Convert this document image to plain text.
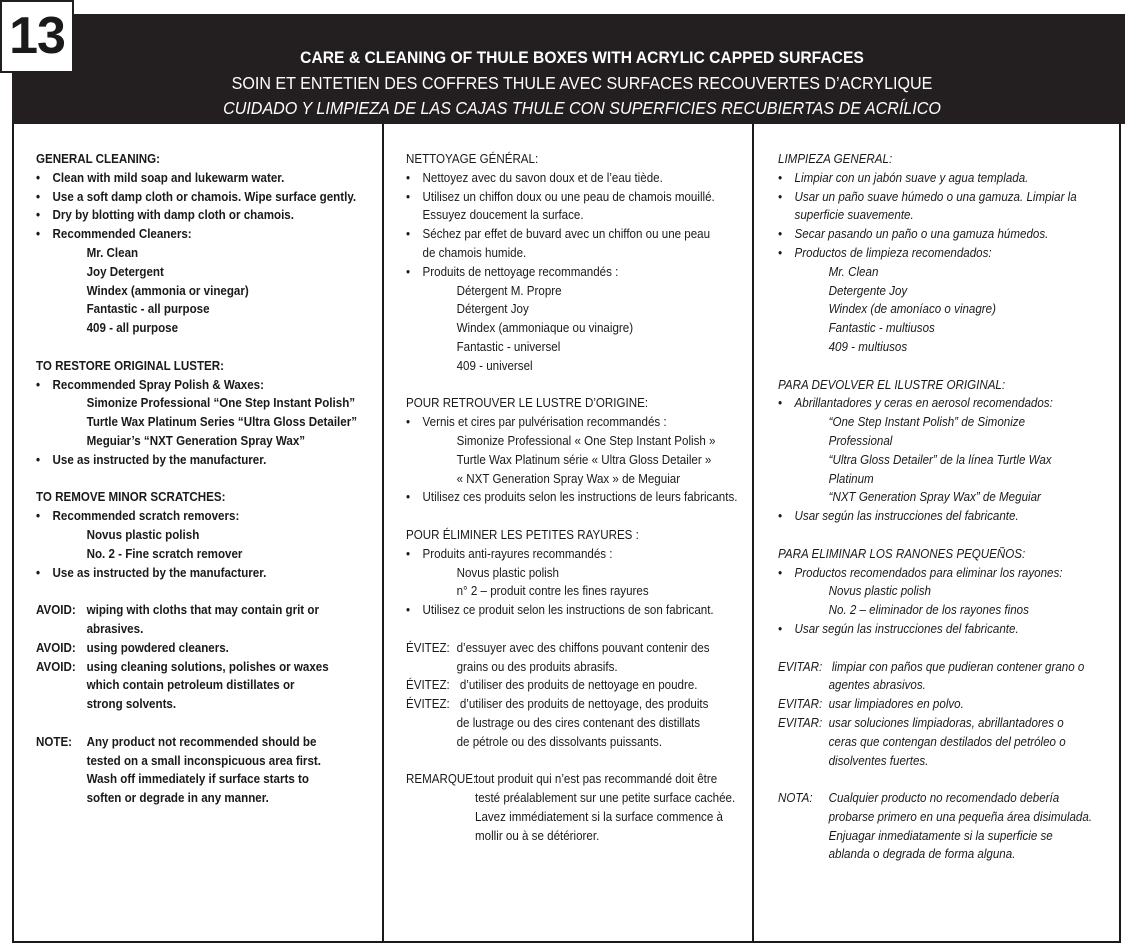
CARE & CLEANING OF THULE BOXES WITH ACRYLIC CAPPED SURFACES
SOIN ET ENTETIEN DES COFFRES THULE AVEC SURFACES RECOUVERTES D’ACRYLIQUE
CUIDADO Y LIMPIEZA DE LAS CAJAS THULE CON SUPERFICIES RECUBIERTAS DE ACRÍLICO
13
GENERAL CLEANING:
• Clean with mild soap and lukewarm water.
• Use a soft damp cloth or chamois. Wipe surface gently.
• Dry by blotting with damp cloth or chamois.
• Recommended Cleaners:
Mr. Clean
Joy Detergent
Windex (ammonia or vinegar)
Fantastic - all purpose
409 - all purpose
TO RESTORE ORIGINAL LUSTER:
• Recommended Spray Polish & Waxes:
Simonize Professional “One Step Instant Polish”
Turtle Wax Platinum Series “Ultra Gloss Detailer”
Meguiar’s “NXT Generation Spray Wax”
• Use as instructed by the manufacturer.
TO REMOVE MINOR SCRATCHES:
• Recommended scratch removers:
Novus plastic polish
No. 2 - Fine scratch remover
• Use as instructed by the manufacturer.
AVOID: wiping with cloths that may contain grit or
abrasives.
AVOID: using powdered cleaners.
AVOID: using cleaning solutions, polishes or waxes
which contain petroleum distillates or
strong solvents.
NOTE: Any product not recommended should be
tested on a small inconspicuous area first.
Wash off immediately if surface starts to
soften or degrade in any manner.
NETTOYAGE GÉNÉRAL:
• Nettoyez avec du savon doux et de l’eau tiède.
• Utilisez un chiffon doux ou une peau de chamois mouillé.
Essuyez doucement la surface.
• Séchez par effet de buvard avec un chiffon ou une peau
de chamois humide.
• Produits de nettoyage recommandés :
Détergent M. Propre
Détergent Joy
Windex (ammoniaque ou vinaigre)
Fantastic - universel
409 - universel
POUR RETROUVER LE LUSTRE D’ORIGINE:
• Vernis et cires par pulvérisation recommandés :
Simonize Professional « One Step Instant Polish »
Turtle Wax Platinum série « Ultra Gloss Detailer »
« NXT Generation Spray Wax » de Meguiar
• Utilisez ces produits selon les instructions de leurs fabricants.
POUR ÉLIMINER LES PETITES RAYURES :
• Produits anti-rayures recommandés :
Novus plastic polish
n° 2 – produit contre les fines rayures
• Utilisez ce produit selon les instructions de son fabricant.
ÉVITEZ: d’essuyer avec des chiffons pouvant contenir des
grains ou des produits abrasifs.
ÉVITEZ: d’utiliser des produits de nettoyage en poudre.
ÉVITEZ: d’utiliser des produits de nettoyage, des produits
de lustrage ou des cires contenant des distillats
de pétrole ou des dissolvants puissants.
REMARQUE:tout produit qui n’est pas recommandé doit être
testé préalablement sur une petite surface cachée.
Lavez immédiatement si la surface commence à
mollir ou à se détériorer.
LIMPIEZA GENERAL:
• Limpiar con un jabón suave y agua templada.
• Usar un paño suave húmedo o una gamuza. Limpiar la
superficie suavemente.
• Secar pasando un paño o una gamuza húmedos.
• Productos de limpieza recomendados:
Mr. Clean
Detergente Joy
Windex (de amoníaco o vinagre)
Fantastic - multiusos
409 - multiusos
PARA DEVOLVER EL ILUSTRE ORIGINAL:
• Abrillantadores y ceras en aerosol recomendados:
“One Step Instant Polish” de Simonize
Professional
“Ultra Gloss Detailer” de la línea Turtle Wax
Platinum
“NXT Generation Spray Wax” de Meguiar
• Usar según las instrucciones del fabricante.
PARA ELIMINAR LOS RANONES PEQUEÑOS:
• Productos recomendados para eliminar los rayones:
Novus plastic polish
No. 2 – eliminador de los rayones finos
• Usar según las instrucciones del fabricante.
EVITAR: limpiar con paños que pudieran contener grano o
agentes abrasivos.
EVITAR: usar limpiadores en polvo.
EVITAR: usar soluciones limpiadoras, abrillantadores o
ceras que contengan destilados del petróleo o
disolventes fuertes.
NOTA: Cualquier producto no recomendado debería
probarse primero en una pequeña área disimulada.
Enjuagar inmediatamente si la superficie se
ablanda o degrada de forma alguna.
